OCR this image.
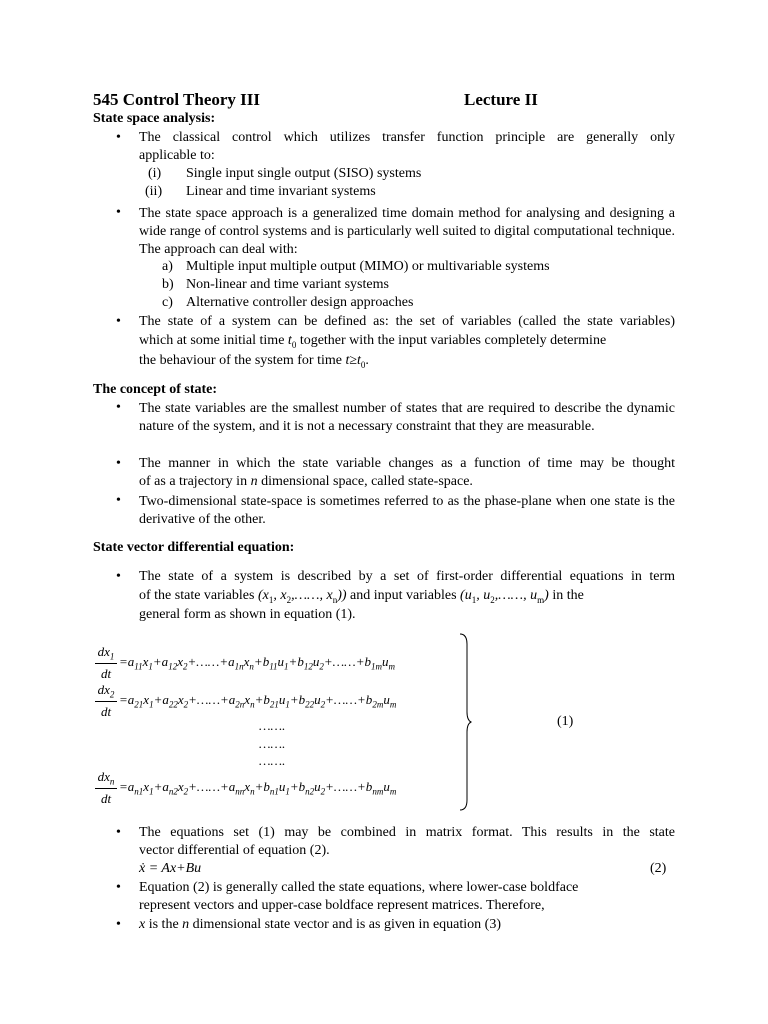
545 Control Theory III	Lecture II
State space analysis:
• The classical control which utilizes transfer function principle are generally only
applicable to:
(i) Single input single output (SISO) systems
(ii) Linear and time invariant systems
• The state space approach is a generalized time domain method for analysing and designing a wide range of control systems and is particularly well suited to digital computational technique. The approach can deal with:
a) Multiple input multiple output (MIMO) or multivariable systems
b) Non-linear and time variant systems
c) Alternative controller design approaches
• The state of a system can be defined as: the set of variables (called the state variables)
which at some initial time $t_0$ together with the input variables completely determine
the behaviour of the system for time $t\ge t_0$.
The concept of state:
• The state variables are the smallest number of states that are required to describe the dynamic nature of the system, and it is not a necessary constraint that they are measurable.
• The manner in which the state variable changes as a function of time may be thought
of as a trajectory in n dimensional space, called state-space.
• Two-dimensional state-space is sometimes referred to as the phase-plane when one state is the derivative of the other.
State vector differential equation:
• The state of a system is described by a set of first-order differential equations in term
of the state variables ($x_1$, $x_2,\dots\dots$, $x_n$)) and input variables ($u_1$, $u_2,\dots\dots$, $u_m$) in the
general form as shown in equation (1).
$\frac{dx_1}{dt}$ $=a_{11}x_1+a_{12}x_2+\dots\dots+a_{1n}x_n+b_{11}u_1+b_{12}u_2+\dots\dots+b_{1m}u_m$
$\frac{dx_2}{dt}$ $=a_{21}x_1+a_{22}x_2+\dots\dots+a_{2n}x_n+b_{21}u_1+b_{22}u_2+\dots\dots+b_{2m}u_m$
…….
…….
…….
$dx_n$
dt
$=a_{n1}x_1+a_{n2}x_2+\dots\dots+a_{nn}x_n+b_{n1}u_1+b_{n2}u_2+\dots\dots+b_{nm}u_m$
(1)
• The equations set (1) may be combined in matrix format. This results in the state
vector differential of equation (2).
ẋ = Ax+Bu	(2)
• Equation (2) is generally called the state equations, where lower-case boldface
represent vectors and upper-case boldface represent matrices. Therefore,
• x is the n dimensional state vector and is as given in equation (3)
